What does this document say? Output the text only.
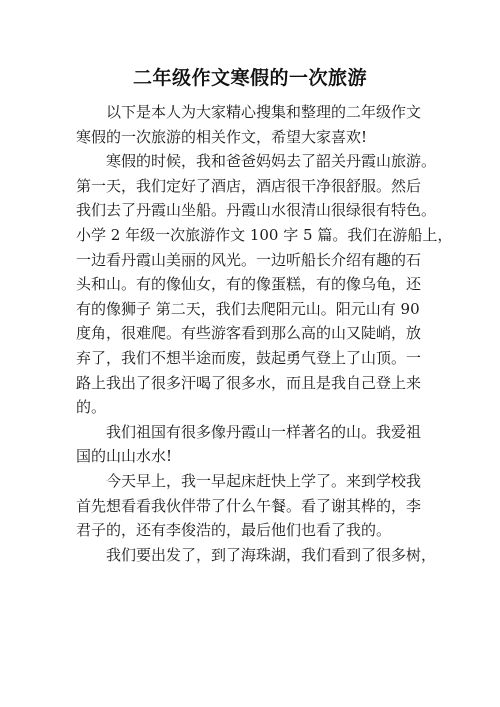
二年级作文寒假的一次旅游
以下是本人为大家精心搜集和整理的二年级作文
寒假的一次旅游的相关作文，希望大家喜欢!
寒假的时候，我和爸爸妈妈去了韶关丹霞山旅游。
第一天，我们定好了酒店，酒店很干净很舒服。然后
我们去了丹霞山坐船。丹霞山水很清山很绿很有特色。
小学 2 年级一次旅游作文 100 字 5 篇。我们在游船上，
一边看丹霞山美丽的风光。一边听船长介绍有趣的石
头和山。有的像仙女，有的像蛋糕，有的像乌龟，还
有的像狮子 第二天，我们去爬阳元山。阳元山有 90
度角，很难爬。有些游客看到那么高的山又陡峭，放
弃了，我们不想半途而废，鼓起勇气登上了山顶。一
路上我出了很多汗喝了很多水，而且是我自己登上来
的。
我们祖国有很多像丹霞山一样著名的山。我爱祖
国的山山水水!
今天早上，我一早起床赶快上学了。来到学校我
首先想看看我伙伴带了什么午餐。看了谢其桦的，李
君子的，还有李俊浩的，最后他们也看了我的。
我们要出发了，到了海珠湖，我们看到了很多树，
